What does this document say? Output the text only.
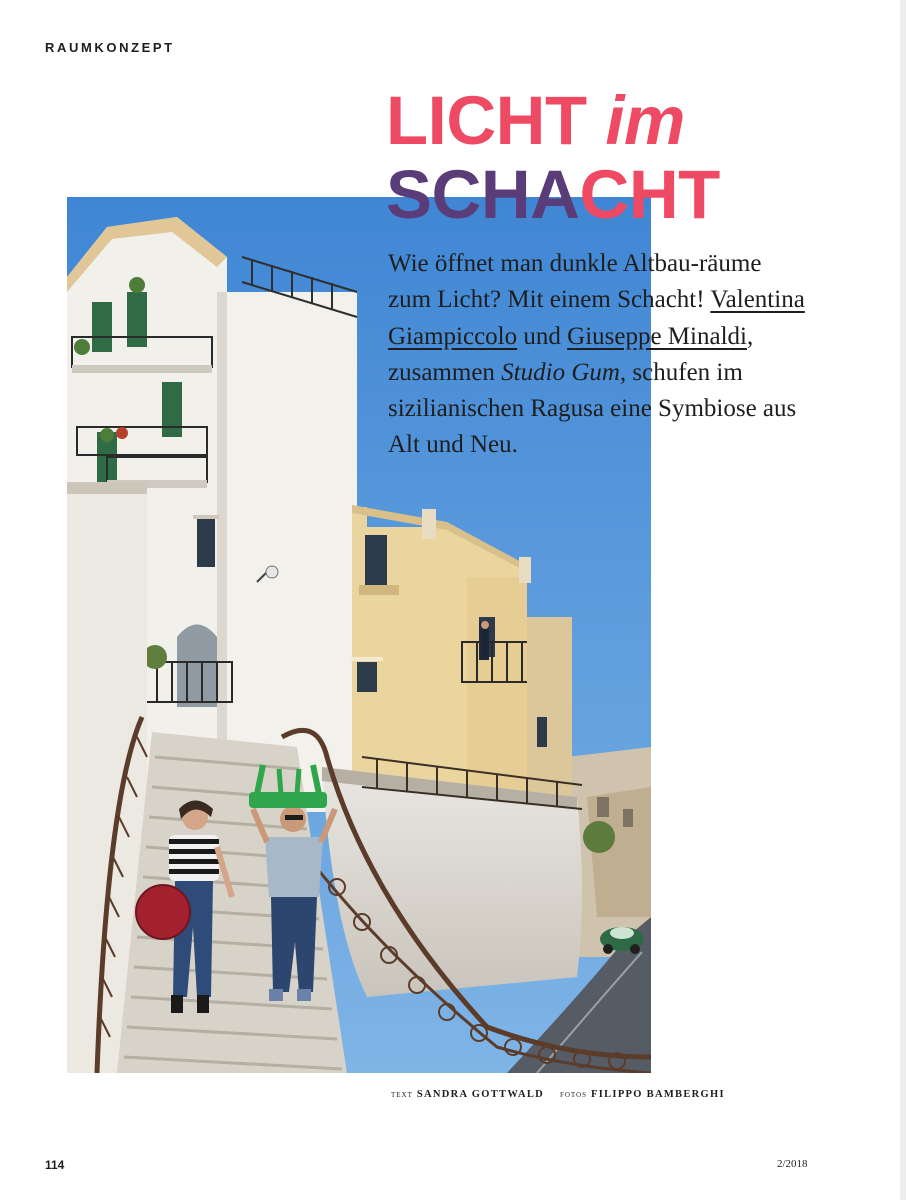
RAUMKONZEPT
LICHT im
SCHACHT

Wie öffnet man dunkle Altbau-räume zum Licht? Mit einem Schacht! Valentina Giampiccolo und Giuseppe Minaldi, zusammen Studio Gum, schufen im sizilianischen Ragusa eine Symbiose aus Alt und Neu.

TEXT SANDRA GOTTWALD FOTOS FILIPPO BAMBERGHI
114	2/2018
